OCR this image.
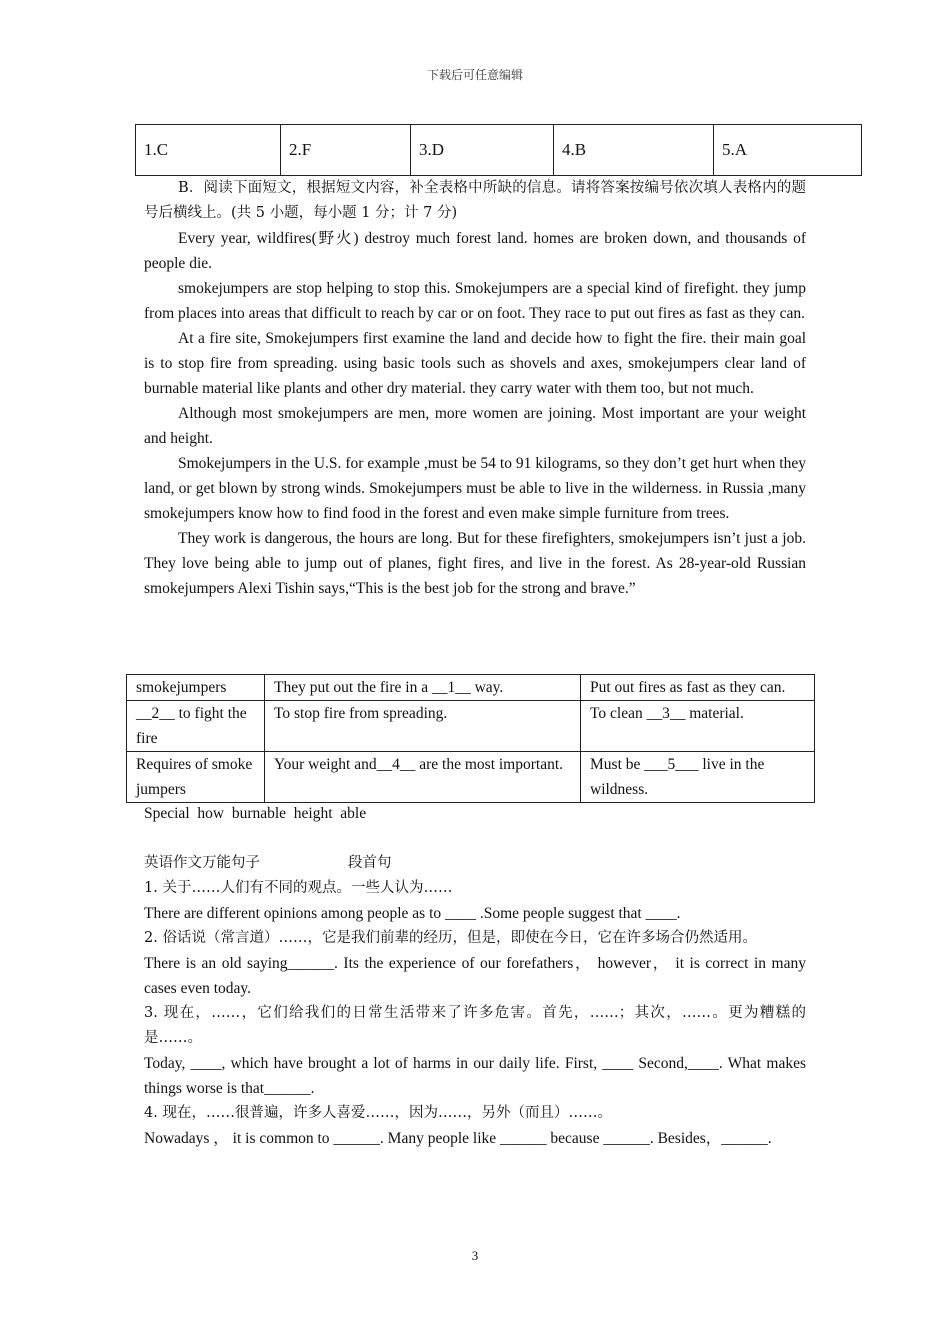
下载后可任意编辑
1.C	2.F	3.D	4.B	5.A

B．阅读下面短文，根据短文内容，补全表格中所缺的信息。请将答案按编号依次填人表格内的题号后横线上。(共 5 小题，每小题 1 分；计 7 分)

Every year, wildfires(野火) destroy much forest land. homes are broken down, and thousands of people die.

smokejumpers are stop helping to stop this. Smokejumpers are a special kind of firefight. they jump from places into areas that difficult to reach by car or on foot. They race to put out fires as fast as they can.

At a fire site, Smokejumpers first examine the land and decide how to fight the fire. their main goal is to stop fire from spreading. using basic tools such as shovels and axes, smokejumpers clear land of burnable material like plants and other dry material. they carry water with them too, but not much.

Although most smokejumpers are men, more women are joining. Most important are your weight and height.

Smokejumpers in the U.S. for example ,must be 54 to 91 kilograms, so they don’t get hurt when they land, or get blown by strong winds. Smokejumpers must be able to live in the wilderness. in Russia ,many smokejumpers know how to find food in the forest and even make simple furniture from trees.

They work is dangerous, the hours are long. But for these firefighters, smokejumpers isn’t just a job. They love being able to jump out of planes, fight fires, and live in the forest. As 28-year-old Russian smokejumpers Alexi Tishin says,“This is the best job for the strong and brave.”

smokejumpers	They put out the fire in a __1__ way.	Put out fires as fast as they can.
__2__ to fight the fire	To stop fire from spreading.	To clean __3__ material.
Requires of smoke jumpers	Your weight and__4__ are the most important.	Must be ___5___ live in the wildness.

Special  how  burnable  height  able

英语作文万能句子	段首句

1. 关于……人们有不同的观点。一些人认为……

There are different opinions among people as to ____ .Some people suggest that ____.

2. 俗话说（常言道）……，它是我们前辈的经历，但是，即使在今日，它在许多场合仍然适用。

There is an old saying______. Its the experience of our forefathers， however， it is correct in many cases even today.

3. 现在，……，它们给我们的日常生活带来了许多危害。首先，……；其次，……。更为糟糕的是……。

Today, ____, which have brought a lot of harms in our daily life. First, ____ Second,____. What makes things worse is that______.

4. 现在，……很普遍，许多人喜爱……，因为……，另外（而且）……。

Nowadays ， it is common to ______. Many people like ______ because ______. Besides，______.

3
